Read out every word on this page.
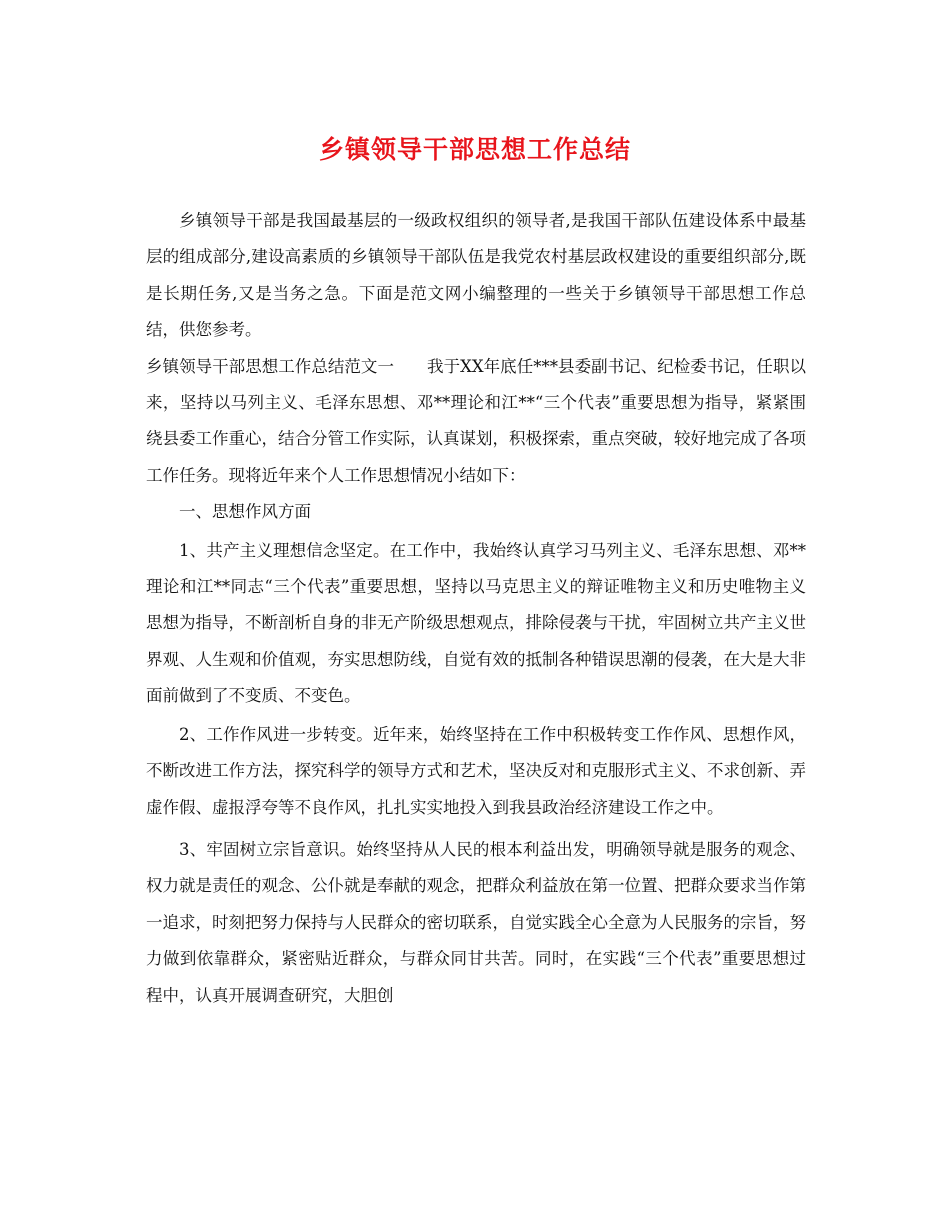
乡镇领导干部思想工作总结

乡镇领导干部是我国最基层的一级政权组织的领导者,是我国干部队伍建设体系中最基层的组成部分,建设高素质的乡镇领导干部队伍是我党农村基层政权建设的重要组织部分,既是长期任务,又是当务之急。下面是范文网小编整理的一些关于乡镇领导干部思想工作总结，供您参考。

乡镇领导干部思想工作总结范文一　　我于XX年底任***县委副书记、纪检委书记，任职以来，坚持以马列主义、毛泽东思想、邓**理论和江**“三个代表”重要思想为指导，紧紧围绕县委工作重心，结合分管工作实际，认真谋划，积极探索，重点突破，较好地完成了各项工作任务。现将近年来个人工作思想情况小结如下：

一、思想作风方面

1、共产主义理想信念坚定。在工作中，我始终认真学习马列主义、毛泽东思想、邓**理论和江**同志“三个代表”重要思想，坚持以马克思主义的辩证唯物主义和历史唯物主义思想为指导，不断剖析自身的非无产阶级思想观点，排除侵袭与干扰，牢固树立共产主义世界观、人生观和价值观，夯实思想防线，自觉有效的抵制各种错误思潮的侵袭，在大是大非面前做到了不变质、不变色。

2、工作作风进一步转变。近年来，始终坚持在工作中积极转变工作作风、思想作风，不断改进工作方法，探究科学的领导方式和艺术，坚决反对和克服形式主义、不求创新、弄虚作假、虚报浮夸等不良作风，扎扎实实地投入到我县政治经济建设工作之中。

3、牢固树立宗旨意识。始终坚持从人民的根本利益出发，明确领导就是服务的观念、权力就是责任的观念、公仆就是奉献的观念，把群众利益放在第一位置、把群众要求当作第一追求，时刻把努力保持与人民群众的密切联系，自觉实践全心全意为人民服务的宗旨，努力做到依靠群众，紧密贴近群众，与群众同甘共苦。同时，在实践“三个代表”重要思想过程中，认真开展调查研究，大胆创
